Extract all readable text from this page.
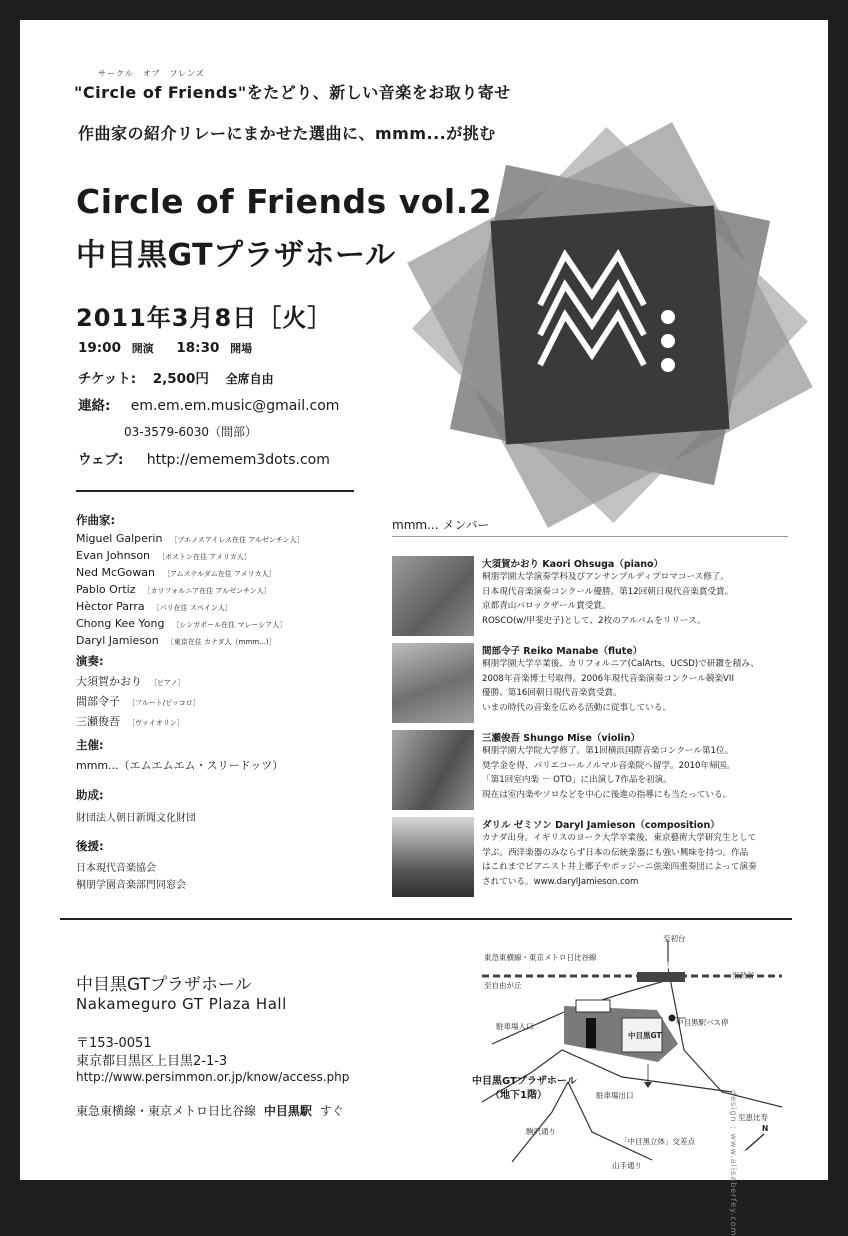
サークル　オブ　フレンズ
"Circle of Friends"をたどり、新しい音楽をお取り寄せ
作曲家の紹介リレーにまかせた選曲に、mmm...が挑む
Circle of Friends vol.2
中目黒GTプラザホール
2011年3月8日［火］
19:00 開演 18:30 開場
チケット: 2,500円 全席自由
連絡: em.em.em.music@gmail.com
03-3579-6030（間部）
ウェブ: http://ememem3dots.com
作曲家:
Miguel Galperin ［ブエノスアイレス在住 アルゼンチン人］
Evan Johnson ［ボストン在住 アメリカ人］
Ned McGowan ［アムステルダム在住 アメリカ人］
Pablo Ortiz ［カリフォルニア在住 アルゼンチン人］
Hèctor Parra ［パリ在住 スペイン人］
Chong Kee Yong ［シンガポール在住 マレーシア人］
Daryl Jamieson ［東京在住 カナダ人（mmm...)］
演奏:
大須賀かおり ［ピアノ］
間部令子 ［フルート/ピッコロ］
三瀬俊吾 ［ヴァイオリン］
主催:
mmm...（エムエムエム・スリードッツ）
助成:
財団法人朝日新聞文化財団
後援:
日本現代音楽協会
桐朋学園音楽部門同窓会
mmm... メンバー
大須賀かおり Kaori Ohsuga（piano）
桐朋学園大学演奏学科及びアンサンブルディプロマコース修了。
日本現代音楽演奏コンクール優勝。第12回朝日現代音楽賞受賞。
京都青山バロックザール賞受賞。
ROSCO(w/甲斐史子)として、2枚のアルバムをリリース。
間部令子 Reiko Manabe（flute）
桐朋学園大学卒業後、カリフォルニア(CalArts、UCSD)で研鑽を積み、
2008年音楽博士号取得。2006年現代音楽演奏コンクール競楽VII
優勝、第16回朝日現代音楽賞受賞。
いまの時代の音楽を広める活動に従事している。
三瀬俊吾 Shungo Mise（violin）
桐朋学園大学院大学修了。第1回横浜国際音楽コンクール第1位。
奨学金を得、パリエコールノルマル音楽院へ留学。2010年帰国。
「第1回室内楽 － OTO」に出演し7作品を初演。
現在は室内楽やソロなどを中心に後進の指導にも当たっている。
ダリル ゼミソン Daryl Jamieson（composition）
カナダ出身。イギリスのヨーク大学卒業後、東京藝術大学研究生として
学ぶ。西洋楽器のみならず日本の伝統楽器にも強い興味を持つ。作品
はこれまでピアニスト井上郷子やボッジーニ弦楽四重奏団によって演奏
されている。www.darylJamieson.com
中目黒GTプラザホール
Nakameguro GT Plaza Hall
〒153-0051
東京都目黒区上目黒2-1-3
http://www.persimmon.or.jp/know/access.php
東急東横線・東京メトロ日比谷線 中目黒駅 すぐ
至初台
東急東横線・東京メトロ日比谷線
至自由が丘
中目黒駅
至渋谷
駐車場入口	中目黒駅バス停
中目黒GT
中目黒GTプラザホール
（地下1階）	駐車場出口
至恵比寿
駒沢通り
「中目黒立体」交差点
山手通り
N
design : www.alisaberfey.com
